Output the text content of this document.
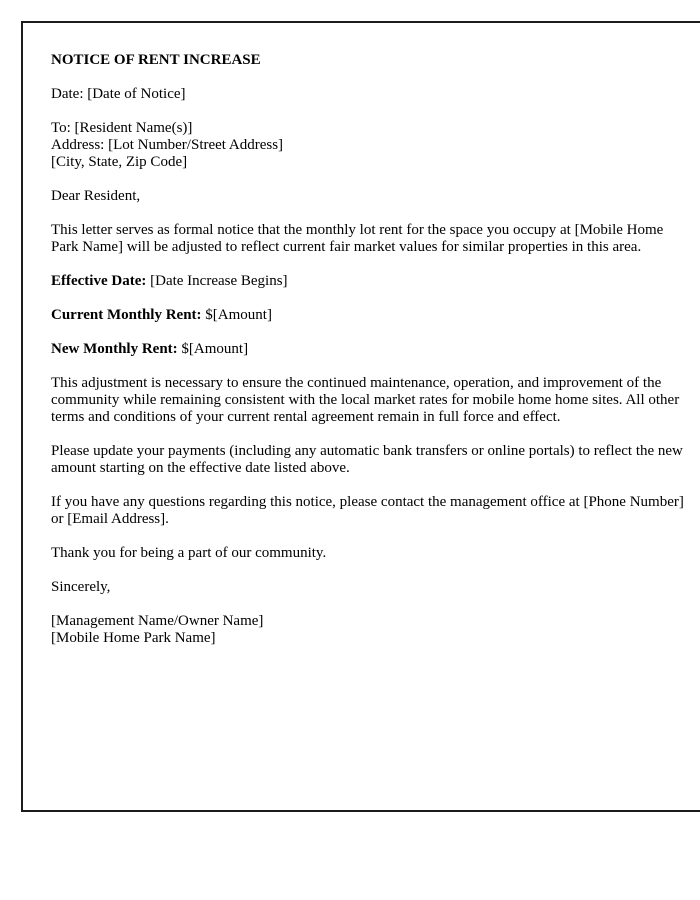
NOTICE OF RENT INCREASE

Date: [Date of Notice]

To: [Resident Name(s)]
Address: [Lot Number/Street Address]
[City, State, Zip Code]

Dear Resident,

This letter serves as formal notice that the monthly lot rent for the space you occupy at [Mobile Home Park Name] will be adjusted to reflect current fair market values for similar properties in this area.

Effective Date: [Date Increase Begins]

Current Monthly Rent: $[Amount]

New Monthly Rent: $[Amount]

This adjustment is necessary to ensure the continued maintenance, operation, and improvement of the community while remaining consistent with the local market rates for mobile home home sites. All other terms and conditions of your current rental agreement remain in full force and effect.

Please update your payments (including any automatic bank transfers or online portals) to reflect the new amount starting on the effective date listed above.

If you have any questions regarding this notice, please contact the management office at [Phone Number] or [Email Address].

Thank you for being a part of our community.

Sincerely,

[Management Name/Owner Name]
[Mobile Home Park Name]
